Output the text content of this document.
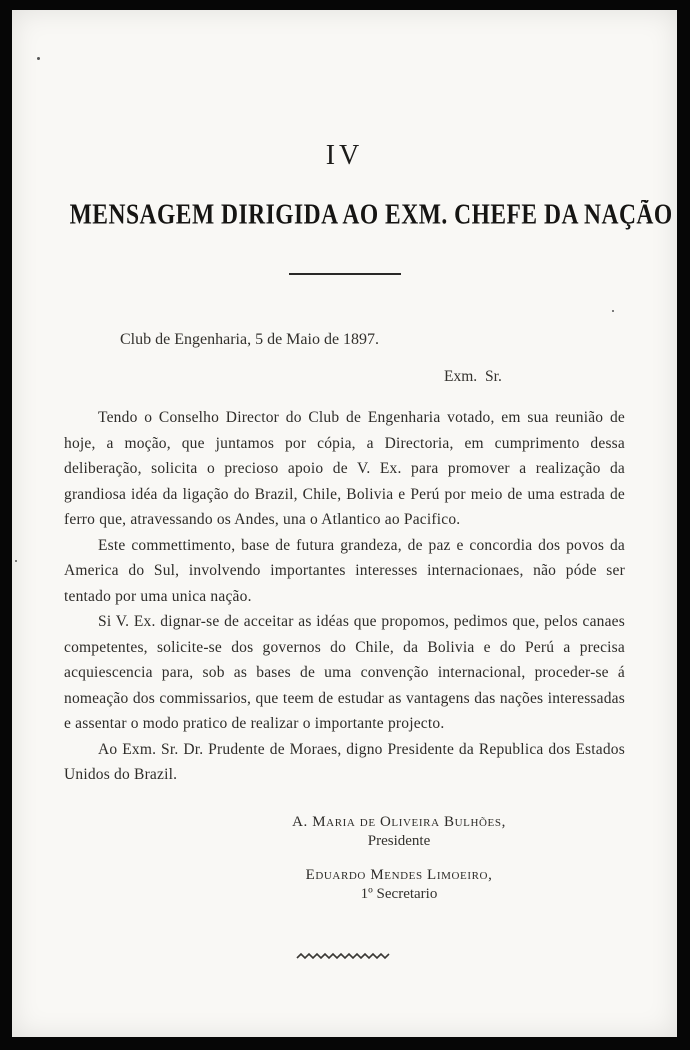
IV
MENSAGEM DIRIGIDA AO EXM. CHEFE DA NAÇÃO
Club de Engenharia, 5 de Maio de 1897.
Exm. Sr.

Tendo o Conselho Director do Club de Engenharia votado, em sua reunião de hoje, a moção, que juntamos por cópia, a Directoria, em cumprimento dessa deliberação, solicita o precioso apoio de V. Ex. para promover a realização da grandiosa idéa da ligação do Brazil, Chile, Bolivia e Perú por meio de uma estrada de ferro que, atravessando os Andes, una o Atlantico ao Pacifico.

Este commettimento, base de futura grandeza, de paz e concordia dos povos da America do Sul, involvendo importantes interesses internacionaes, não póde ser tentado por uma unica nação.

Si V. Ex. dignar-se de acceitar as idéas que propomos, pedimos que, pelos canaes competentes, solicite-se dos governos do Chile, da Bolivia e do Perú a precisa acquiescencia para, sob as bases de uma convenção internacional, proceder-se á nomeação dos commissarios, que teem de estudar as vantagens das nações interessadas e assentar o modo pratico de realizar o importante projecto.

Ao Exm. Sr. Dr. Prudente de Moraes, digno Presidente da Republica dos Estados Unidos do Brazil.

A. Maria de Oliveira Bulhões,
Presidente
Eduardo Mendes Limoeiro,
1º Secretario
